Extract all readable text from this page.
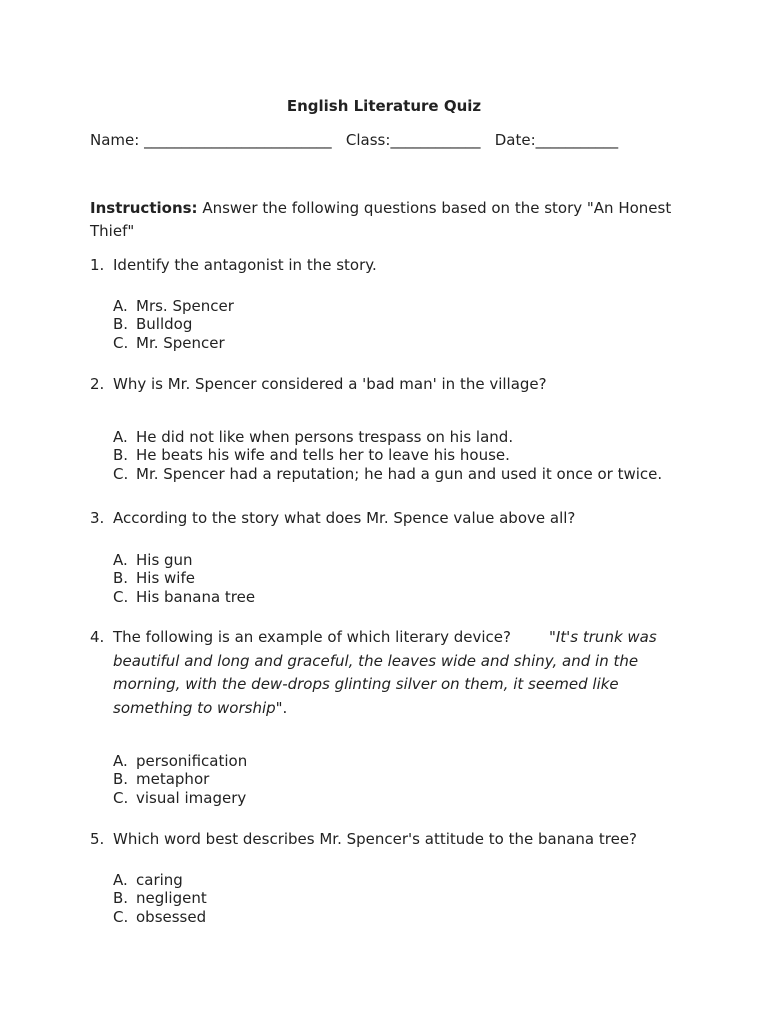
English Literature Quiz
Name: _________________________ Class:____________ Date:___________
Instructions: Answer the following questions based on the story "An Honest Thief"
1. Identify the antagonist in the story.
A. Mrs. Spencer
B. Bulldog
C. Mr. Spencer
2. Why is Mr. Spencer considered a 'bad man' in the village?
A. He did not like when persons trespass on his land.
B. He beats his wife and tells her to leave his house.
C. Mr. Spencer had a reputation; he had a gun and used it once or twice.
3. According to the story what does Mr. Spence value above all?
A. His gun
B. His wife
C. His banana tree
4. The following is an example of which literary device?	"It's trunk was beautiful and long and graceful, the leaves wide and shiny, and in the morning, with the dew-drops glinting silver on them, it seemed like something to worship".
A. personification
B. metaphor
C. visual imagery
5. Which word best describes Mr. Spencer's attitude to the banana tree?
A. caring
B. negligent
C. obsessed
